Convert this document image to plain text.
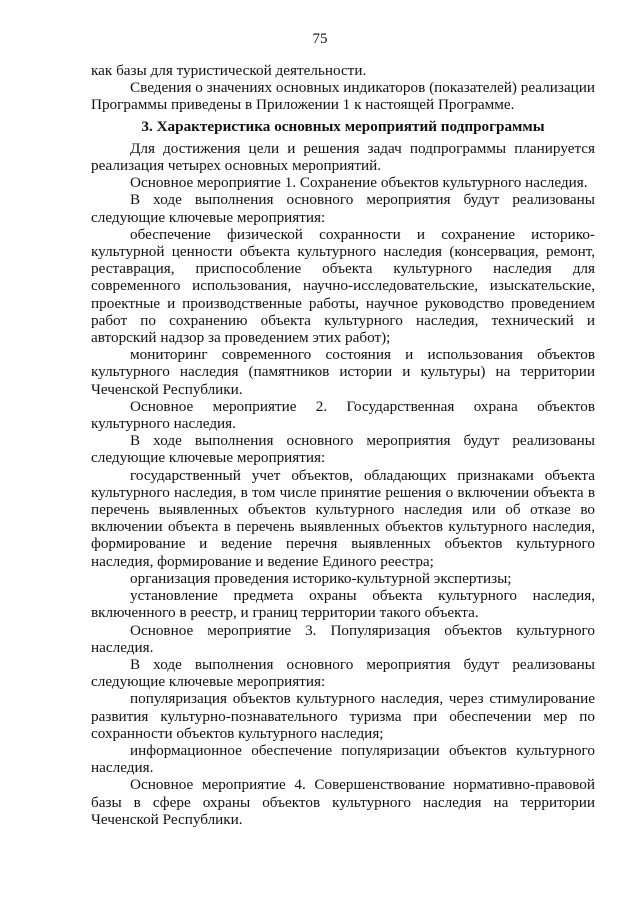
75

как базы для туристической деятельности.

Сведения о значениях основных индикаторов (показателей) реализации Программы приведены в Приложении 1 к настоящей Программе.

3. Характеристика основных мероприятий подпрограммы

Для достижения цели и решения задач подпрограммы планируется реализация четырех основных мероприятий.

Основное мероприятие 1. Сохранение объектов культурного наследия.

В ходе выполнения основного мероприятия будут реализованы следующие ключевые мероприятия:

обеспечение физической сохранности и сохранение историко-культурной ценности объекта культурного наследия (консервация, ремонт, реставрация, приспособление объекта культурного наследия для современного использования, научно-исследовательские, изыскательские, проектные и производственные работы, научное руководство проведением работ по сохранению объекта культурного наследия, технический и авторский надзор за проведением этих работ);

мониторинг современного состояния и использования объектов культурного наследия (памятников истории и культуры) на территории Чеченской Республики.

Основное мероприятие 2. Государственная охрана объектов культурного наследия.

В ходе выполнения основного мероприятия будут реализованы следующие ключевые мероприятия:

государственный учет объектов, обладающих признаками объекта культурного наследия, в том числе принятие решения о включении объекта в перечень выявленных объектов культурного наследия или об отказе во включении объекта в перечень выявленных объектов культурного наследия, формирование и ведение перечня выявленных объектов культурного наследия, формирование и ведение Единого реестра;

организация проведения историко-культурной экспертизы;

установление предмета охраны объекта культурного наследия, включенного в реестр, и границ территории такого объекта.

Основное мероприятие 3. Популяризация объектов культурного наследия.

В ходе выполнения основного мероприятия будут реализованы следующие ключевые мероприятия:

популяризация объектов культурного наследия, через стимулирование развития культурно-познавательного туризма при обеспечении мер по сохранности объектов культурного наследия;

информационное обеспечение популяризации объектов культурного наследия.

Основное мероприятие 4. Совершенствование нормативно-правовой базы в сфере охраны объектов культурного наследия на территории Чеченской Республики.
